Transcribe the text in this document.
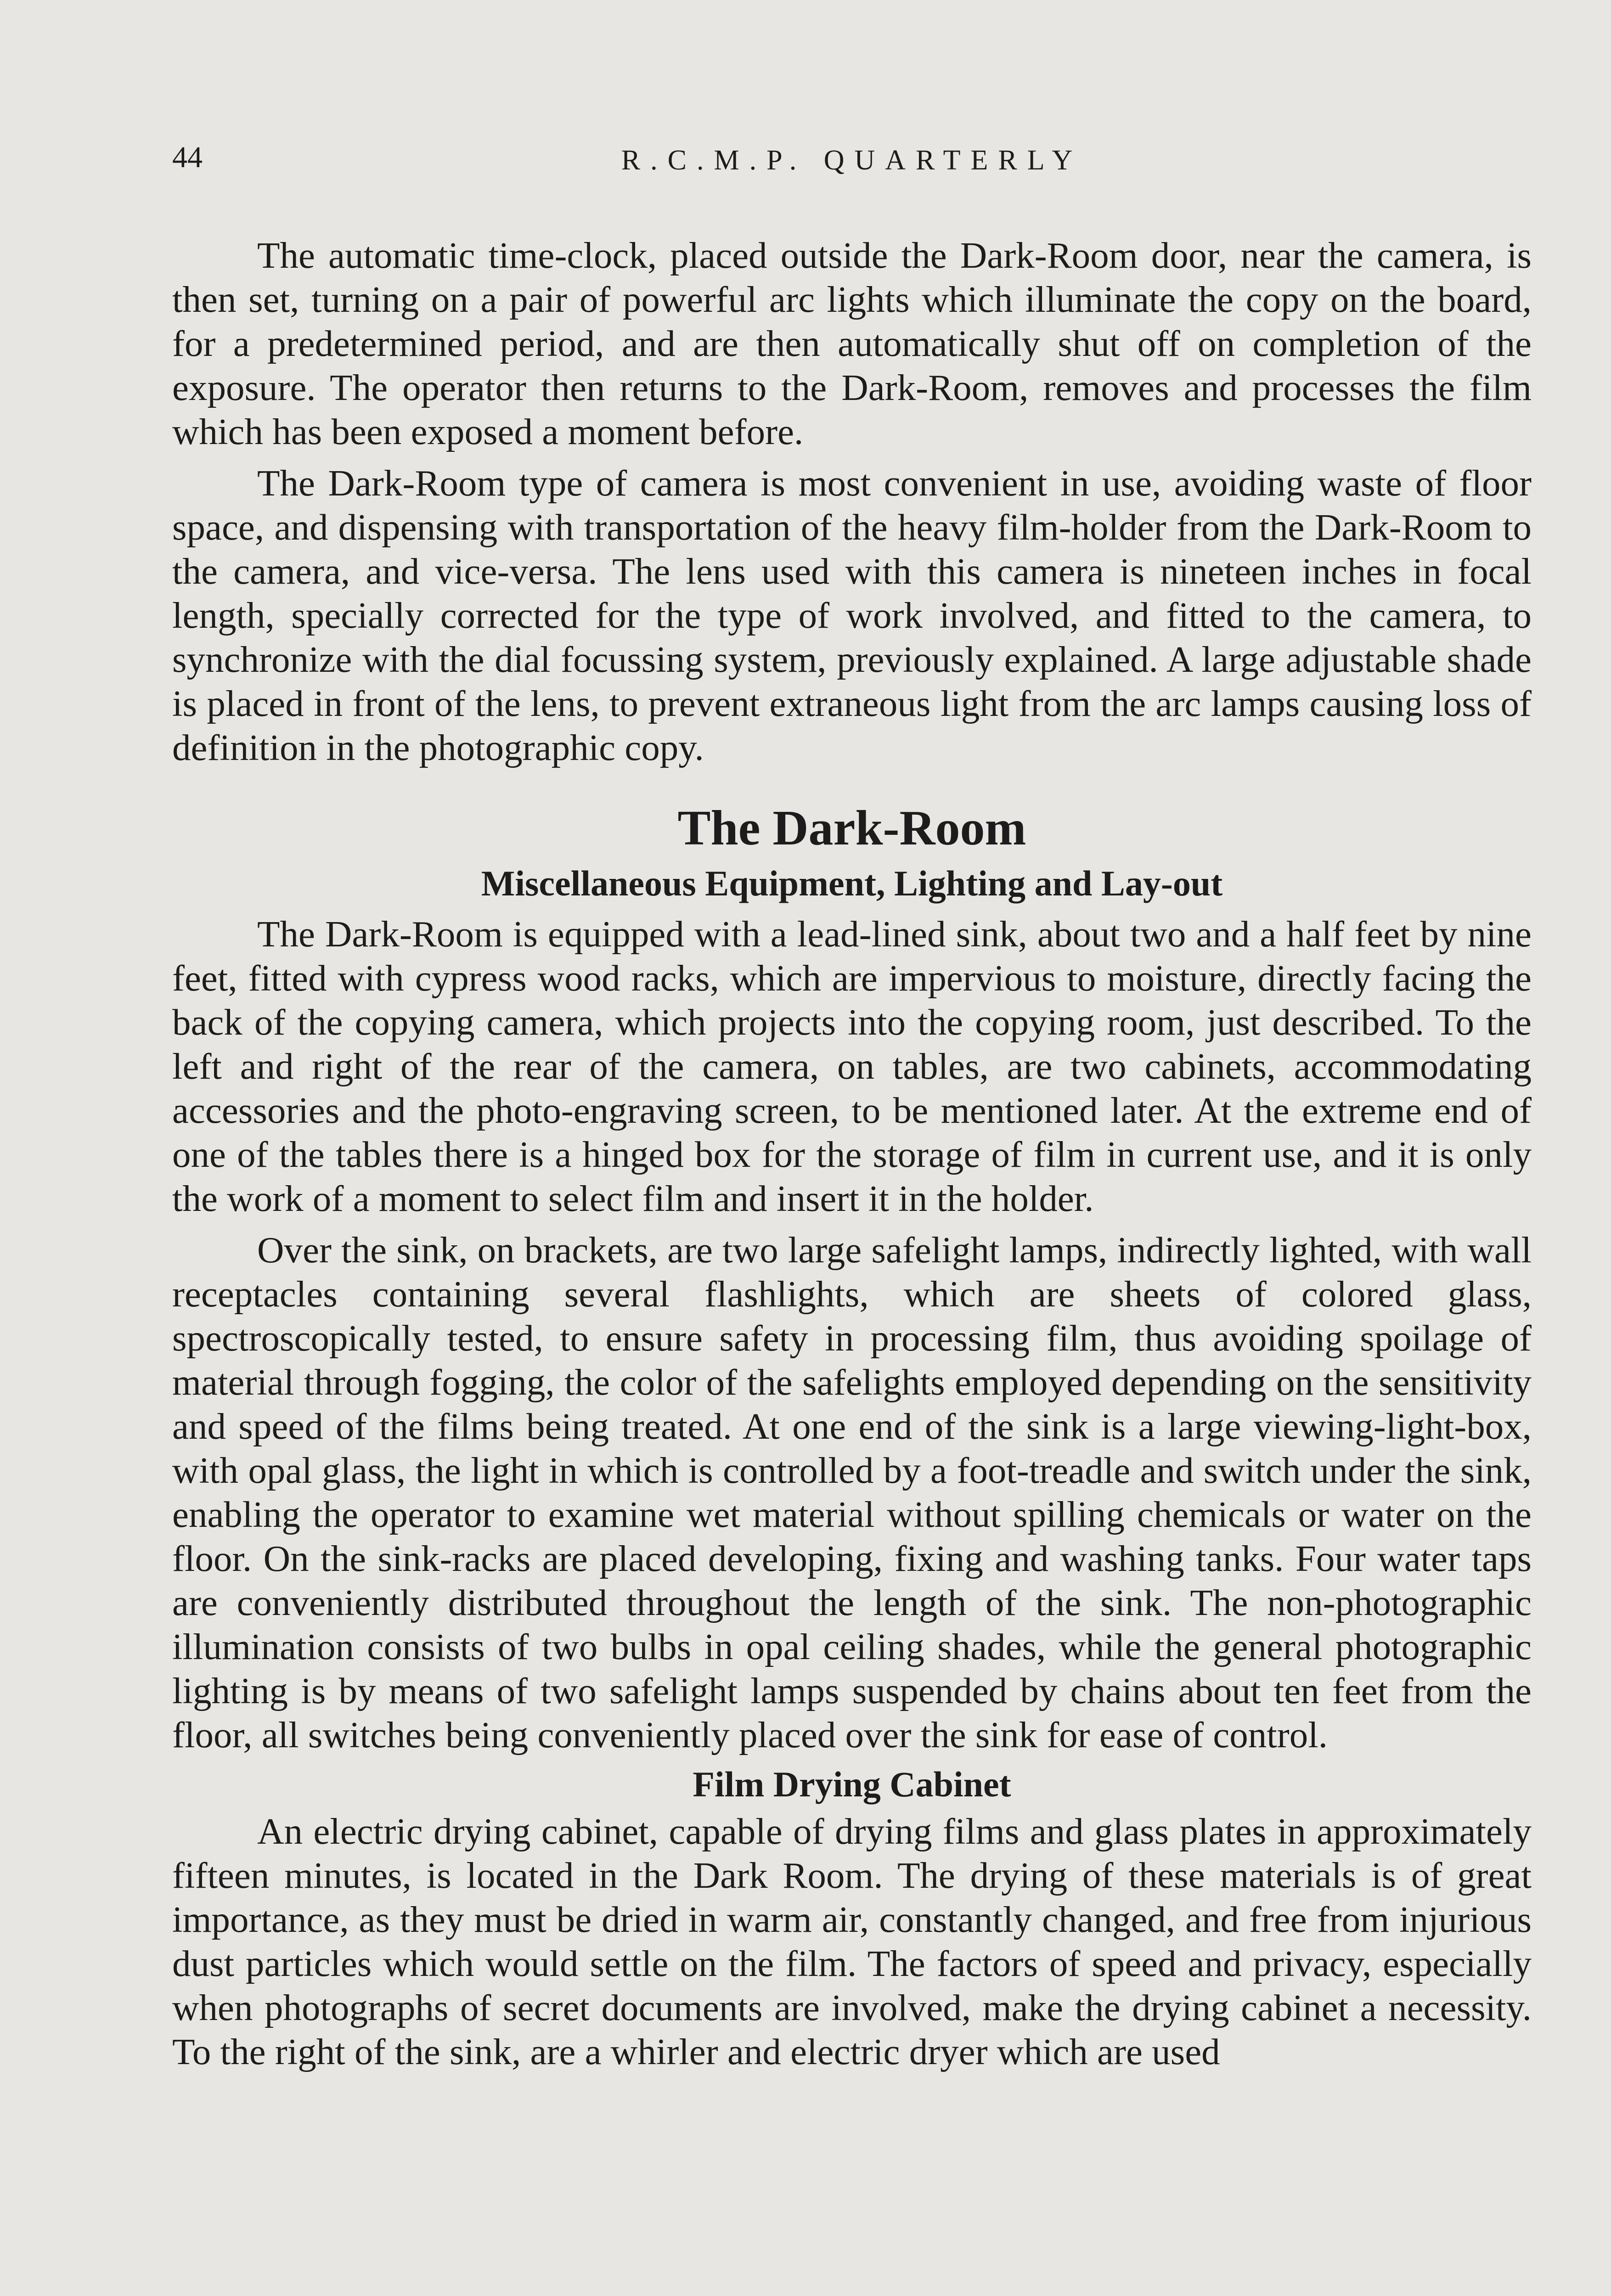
44	R.C.M.P. QUARTERLY

The automatic time-clock, placed outside the Dark-Room door, near the camera, is then set, turning on a pair of powerful arc lights which illuminate the copy on the board, for a predetermined period, and are then automatically shut off on completion of the exposure. The operator then returns to the Dark-Room, removes and processes the film which has been exposed a moment before.

The Dark-Room type of camera is most convenient in use, avoiding waste of floor space, and dispensing with transportation of the heavy film-holder from the Dark-Room to the camera, and vice-versa. The lens used with this camera is nineteen inches in focal length, specially corrected for the type of work involved, and fitted to the camera, to synchronize with the dial focussing system, previously explained. A large adjustable shade is placed in front of the lens, to prevent extraneous light from the arc lamps causing loss of definition in the photographic copy.

The Dark-Room
Miscellaneous Equipment, Lighting and Lay-out

The Dark-Room is equipped with a lead-lined sink, about two and a half feet by nine feet, fitted with cypress wood racks, which are impervious to moisture, directly facing the back of the copying camera, which projects into the copying room, just described. To the left and right of the rear of the camera, on tables, are two cabinets, accommodating accessories and the photo-engraving screen, to be mentioned later. At the extreme end of one of the tables there is a hinged box for the storage of film in current use, and it is only the work of a moment to select film and insert it in the holder.

Over the sink, on brackets, are two large safelight lamps, indirectly lighted, with wall receptacles containing several flashlights, which are sheets of colored glass, spectroscopically tested, to ensure safety in processing film, thus avoiding spoilage of material through fogging, the color of the safelights employed depending on the sensitivity and speed of the films being treated. At one end of the sink is a large viewing-light-box, with opal glass, the light in which is controlled by a foot-treadle and switch under the sink, enabling the operator to examine wet material without spilling chemicals or water on the floor. On the sink-racks are placed developing, fixing and washing tanks. Four water taps are conveniently distributed throughout the length of the sink. The non-photographic illumination consists of two bulbs in opal ceiling shades, while the general photographic lighting is by means of two safelight lamps suspended by chains about ten feet from the floor, all switches being conveniently placed over the sink for ease of control.

Film Drying Cabinet

An electric drying cabinet, capable of drying films and glass plates in approximately fifteen minutes, is located in the Dark Room. The drying of these materials is of great importance, as they must be dried in warm air, constantly changed, and free from injurious dust particles which would settle on the film. The factors of speed and privacy, especially when photographs of secret documents are involved, make the drying cabinet a necessity. To the right of the sink, are a whirler and electric dryer which are used
